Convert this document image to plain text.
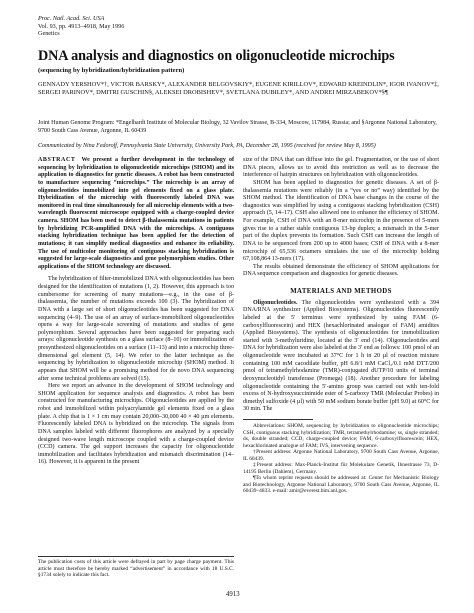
Proc. Natl. Acad. Sci. USA
Vol. 93, pp. 4913–4918, May 1996
Genetics
DNA analysis and diagnostics on oligonucleotide microchips
(sequencing by hybridization/hybridization pattern)
GENNADY YERSHOV*†, VICTOR BARSKY*, ALEXANDER BELGOVSKIY*, EUGENE KIRILLOV*, EDWARD KREINDLIN*, IGOR IVANOV*‡, SERGEI PARINOV*, DMITRI GUSCHIN§, ALEKSEI DROBISHEV*, SVETLANA DUBILEY*, AND ANDREI MIRZABEKOV*§¶
Joint Human Genome Program: *Engelhardt Institute of Molecular Biology, 32 Vavilov Strasse, B-334, Moscow, 117984, Russia; and §Argonne National Laboratory, 9700 South Cass Avenue, Argonne, IL 60439
Communicated by Nina Fedoroff, Pennsylvania State University, University Park, PA, December 28, 1995 (received for review May 8, 1995)

ABSTRACT  We present a further development in the technology of sequencing by hybridization to oligonucleotide microchips (SHOM) and its application to diagnostics for genetic diseases. A robot has been constructed to manufacture sequencing “microchips.” The microchip is an array of oligonucleotides immobilized into gel elements fixed on a glass plate. Hybridization of the microchip with fluorescently labeled DNA was monitored in real time simultaneously for all microchip elements with a two-wavelength fluorescent microscope equipped with a charge-coupled device camera. SHOM has been used to detect β-thalassemia mutations in patients by hybridizing PCR-amplified DNA with the microchips. A contiguous stacking hybridization technique has been applied for the detection of mutations; it can simplify medical diagnostics and enhance its reliability. The use of multicolor monitoring of contiguous stacking hybridization is suggested for large-scale diagnostics and gene polymorphism studies. Other applications of the SHOM technology are discussed.

The hybridization of filter-immobilized DNA with oligonucleotides has been designed for the identification of mutations (1, 2). However, this approach is too cumbersome for screening of many mutations—e.g., in the case of β-thalassemia, the number of mutations exceeds 100 (3). The hybridization of DNA with a large set of short oligonucleotides has been suggested for DNA sequencing (4–9). The use of an array of surface-immobilized oligonucleotides opens a way for large-scale screening of mutations and studies of gene polymorphism. Several approaches have been suggested for preparing such arrays: oligonucleotide synthesis on a glass surface (8–10) or immobilization of presynthesized oligonucleotides on a surface (11–13) and into a microchip three-dimensional gel element (5, 14). We refer to the latter technique as the sequencing by hybridization to oligonucleotide microchip (SHOM) method. It appears that SHOM will be a promising method for de novo DNA sequencing after some technical problems are solved (15).

Here we report an advance in the development of SHOM technology and SHOM application for sequence analysis and diagnostics. A robot has been constructed for manufacturing microchips. Oligonucleotides are applied by the robot and immobilized within polyacrylamide gel elements fixed on a glass plate. A chip that is 1 × 1 cm may contain 20,000–30,000 40 × 40 µm elements. Fluorescently labeled DNA is hybridized on the microchip. The signals from DNA samples labeled with different fluorophores are analyzed by a specially designed two-wave length microscope coupled with a charge-coupled device (CCD) camera. The gel support increases the capacity for oligonucleotide immobilization and facilitates hybridization and mismatch discrimination (14–16). However, it is apparent in the present

The publication costs of this article were defrayed in part by page charge payment. This article must therefore be hereby marked “advertisement” in accordance with 18 U.S.C. §1734 solely to indicate this fact.

size of the DNA that can diffuse into the gel. Fragmentation, or the use of short DNA pieces, allows us to avoid this restriction as well as to decrease the interference of hairpin structures on hybridization with oligonucleotides.

SHOM has been applied to diagnostics for genetic diseases. A set of β-thalassemia mutations were reliably (in a “yes or no” way) identified by the SHOM method. The identification of DNA base changes in the course of the diagnostics was simplified by using a contiguous stacking hybridization (CSH) approach (5, 14–17). CSH also allowed one to enhance the efficiency of SHOM. For example, CSH of DNA with an 8-mer microchip in the presence of 5-mers gives rise to a rather stable contiguous 13-bp duplex; a mismatch in the 5-mer part of the duplex prevents its formation. Such CSH can increase the length of DNA to be sequenced from 200 up to 4000 bases; CSH of DNA with a 8-mer microchip of 65,536 octamers simulates the use of the microchip holding 67,108,864 13-mers (17).

The results obtained demonstrate the efficiency of SHOM applications for DNA sequence comparison and diagnostics for genetic diseases.

MATERIALS AND METHODS

Oligonucleotides. The oligonucleotides were synthesized with a 394 DNA/RNA synthesizer (Applied Biosystems). Oligonucleotides fluorescently labeled at the 5′ terminus were synthesized by using FAM (6-carboxylfluorescein) and HEX (hexachlorinated analogue of FAM) amidites (Applied Biosystems). The synthesis of oligonucleotides for immobilization started with 3-methyluridine, located at the 3′ end (14). Oligonucleotides and DNA for hybridization were also labeled at the 3′ end as follows: 100 pmol of an oligonucleotide were incubated at 37°C for 1 h in 20 µl of reaction mixture containing 100 mM cacodilate buffer, pH 6.8/1 mM CaCl₂/0.1 mM DTT/200 pmol of tetramethylrhodamine (TMR)-conjugated dUTP/10 units of terminal deoxynucleotidyl transferase (Promega) (18). Another procedure for labeling oligonucleotide containing the 5′-amino group was carried out with ten-fold excess of N-hydroxysuccinimide ester of 5-carboxy TMR (Molecular Probes) in dimethyl sulfoxide (4 µl) with 50 mM sodium borate buffer (pH 9.0) at 60°C for 30 min. The

Abbreviations: SHOM, sequencing by hybridization to oligonucleotide microchips; CSH, contiguous stacking hybridization; TMR, tetramethylrhodamine; ss, single stranded; ds, double stranded; CCD, charge-coupled device; FAM, 6-carboxylfluorescein; HEX, hexachlorinated analogue of FAM; IVS, intervening sequence.

†Present address: Argonne National Laboratory, 9700 South Cass Avenue, Argonne, IL 60439.

‡Present address: Max-Planck-Institut für Molekulare Genetik, Ihnestrasse 73, D-14195 Berlin (Dahlem), Germany.

¶To whom reprint requests should be addressed at: Center for Mechanistic Biology and Biotechnology, Argonne National Laboratory, 9700 South Cass Avenue, Argonne, IL 60439–4833. e-mail: amir@everest.bim.anl.gov.

4913
